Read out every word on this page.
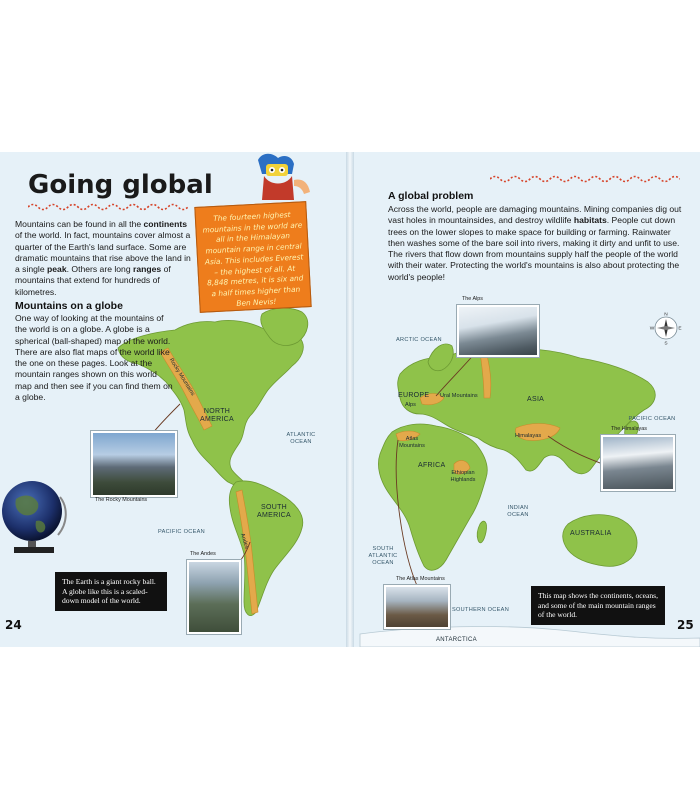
N
S
E
W
Going global

Mountains can be found in all the continents of the world. In fact, mountains cover almost a quarter of the Earth's land surface. Some are dramatic mountains that rise above the land in a single peak. Others are long ranges of mountains that extend for hundreds of kilometres.

Mountains on a globe

One way of looking at the mountains of the world is on a globe. A globe is a spherical (ball-shaped) map of the world. There are also flat maps of the world like the one on these pages. Look at the mountain ranges shown on this world map and then see if you can find them on a globe.

The fourteen highest mountains in the world are all in the Himalayan mountain range in central Asia. This includes Everest – the highest of all. At 8,848 metres, it is six and a half times higher than Ben Nevis!

The Earth is a giant rocky ball. A globe like this is a scaled-down model of the world.
24
Rocky Mountains
Andes
NORTH AMERICA
SOUTH AMERICA
ATLANTIC OCEAN
PACIFIC OCEAN
The Rocky Mountains
The Andes
A global problem

Across the world, people are damaging mountains. Mining companies dig out vast holes in mountainsides, and destroy wildlife habitats. People cut down trees on the lower slopes to make space for building or farming. Rainwater then washes some of the bare soil into rivers, making it dirty and unfit to use. The rivers that flow down from mountains supply half the people of the world with their water. Protecting the world's mountains is also about protecting the world's people!

The Alps
The Himalayas
The Atlas Mountains
ARCTIC OCEAN
EUROPE
Alps
Ural Mountains	ASIA
PACIFIC OCEAN
Atlas Mountains
Himalayas
AFRICA
Ethiopian Highlands
INDIAN OCEAN
AUSTRALIA
SOUTH ATLANTIC OCEAN
SOUTHERN OCEAN
ANTARCTICA
This map shows the continents, oceans, and some of the main mountain ranges of the world.
25
